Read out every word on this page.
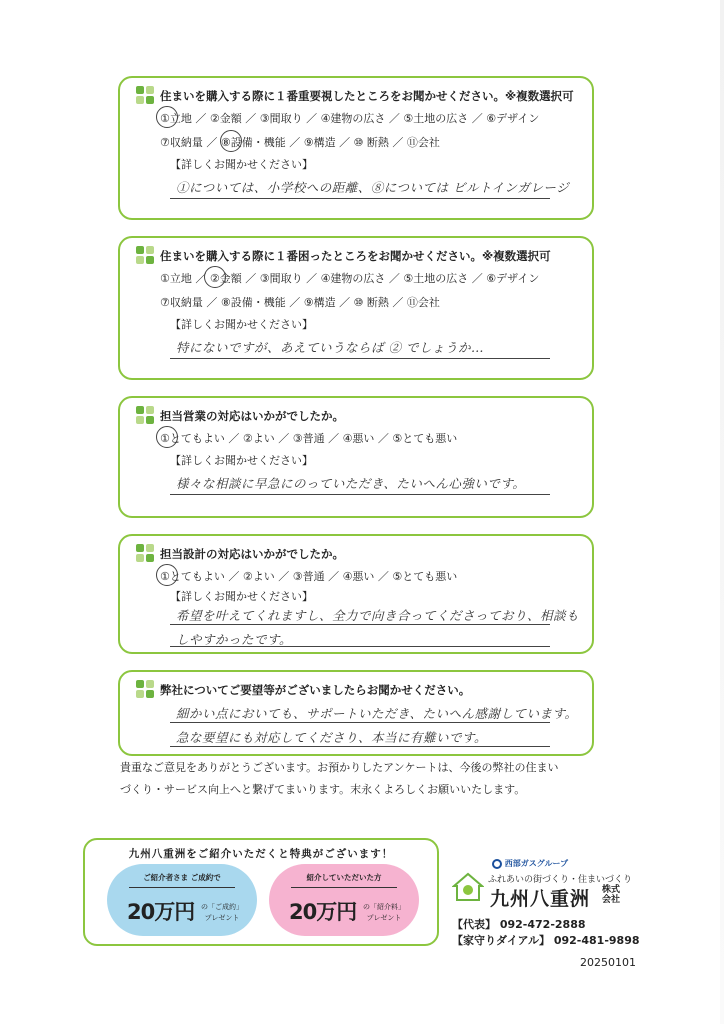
住まいを購入する際に１番重要視したところをお聞かせください。※複数選択可
①立地 ／ ②金額 ／ ③間取り ／ ④建物の広さ ／ ⑤土地の広さ ／ ⑥デザイン
⑦収納量 ／ ⑧設備・機能 ／ ⑨構造 ／ ⑩ 断熱 ／ ⑪会社
【詳しくお聞かせください】
①については、小学校への距離、⑧については ビルトインガレージ
住まいを購入する際に１番困ったところをお聞かせください。※複数選択可
①立地 ／ ②金額 ／ ③間取り ／ ④建物の広さ ／ ⑤土地の広さ ／ ⑥デザイン
⑦収納量 ／ ⑧設備・機能 ／ ⑨構造 ／ ⑩ 断熱 ／ ⑪会社
【詳しくお聞かせください】
特にないですが、あえていうならば ② でしょうか…
担当営業の対応はいかがでしたか。
①とてもよい ／ ②よい ／ ③普通 ／ ④悪い ／ ⑤とても悪い
【詳しくお聞かせください】
様々な相談に早急にのっていただき、たいへん心強いです。
担当設計の対応はいかがでしたか。
①とてもよい ／ ②よい ／ ③普通 ／ ④悪い ／ ⑤とても悪い
【詳しくお聞かせください】
希望を叶えてくれますし、全力で向き合ってくださっており、相談も
しやすかったです。
弊社についてご要望等がございましたらお聞かせください。
細かい点においても、サポートいただき、たいへん感謝しています。
急な要望にも対応してくださり、本当に有難いです。
貴重なご意見をありがとうございます。お預かりしたアンケートは、今後の弊社の住まい
づくり・サービス向上へと繋げてまいります。末永くよろしくお願いいたします。
九州八重洲をご紹介いただくと特典がございます！
ご紹介者さま ご成約で
20万円 の「ご成約」
プレゼント
紹介していただいた方
20万円 の「紹介料」
プレゼント
西部ガスグループ
ふれあいの街づくり・住まいづくり
九州八重洲 株式
会社
【代表】 092-472-2888
【家守りダイアル】 092-481-9898
20250101
